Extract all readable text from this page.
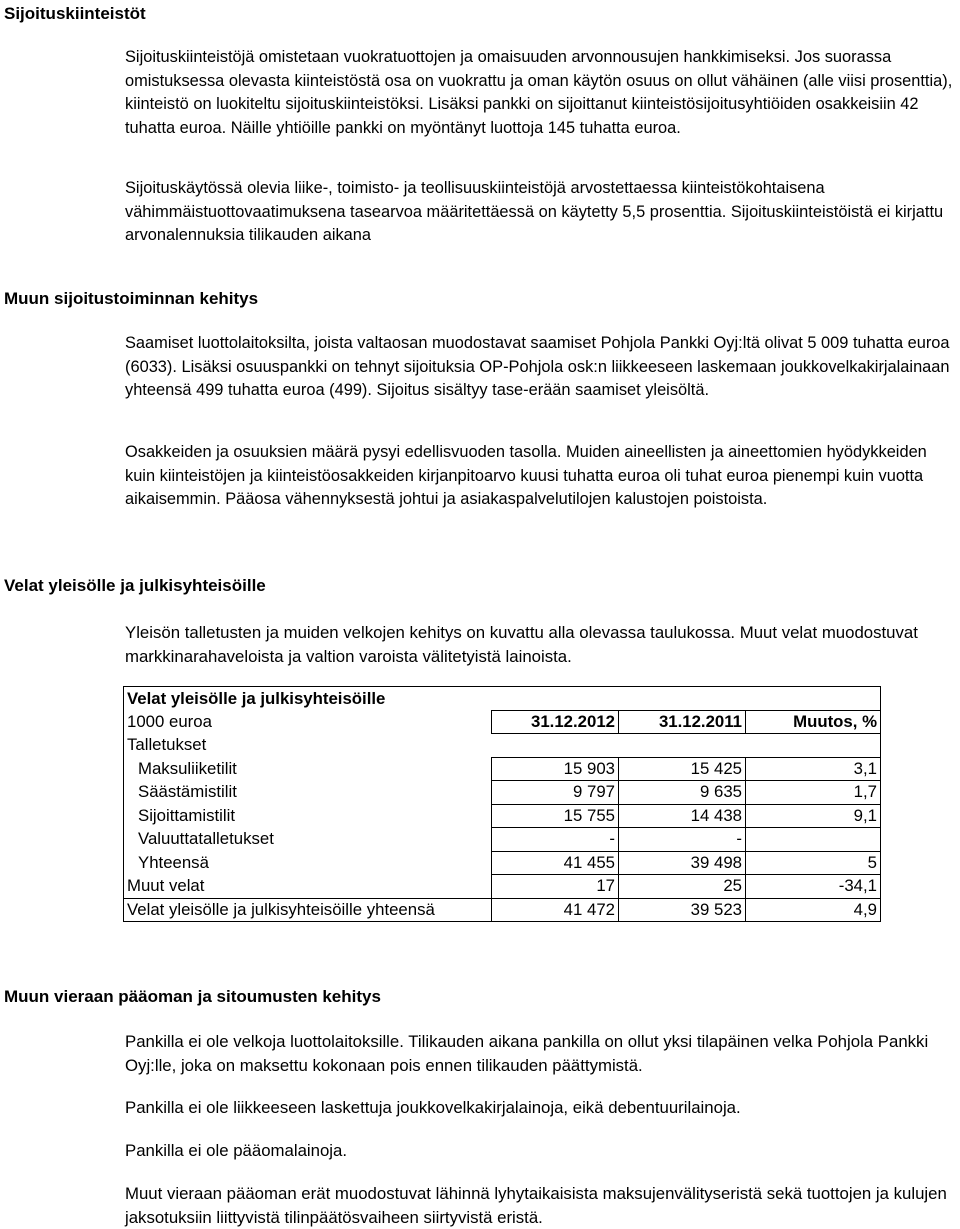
Sijoituskiinteistöt

Sijoituskiinteistöjä omistetaan vuokratuottojen ja omaisuuden arvonnousujen hankkimiseksi. Jos suorassa omistuksessa olevasta kiinteistöstä osa on vuokrattu ja oman käytön osuus on ollut vähäinen (alle viisi prosenttia), kiinteistö on luokiteltu sijoituskiinteistöksi. Lisäksi pankki on sijoittanut kiinteistösijoitusyhtiöiden osakkeisiin 42 tuhatta euroa. Näille yhtiöille pankki on myöntänyt luottoja 145 tuhatta euroa.

Sijoituskäytössä olevia liike-, toimisto- ja teollisuuskiinteistöjä arvostettaessa kiinteistökohtaisena vähimmäistuottovaatimuksena tasearvoa määritettäessä on käytetty 5,5 prosenttia. Sijoituskiinteistöistä ei kirjattu arvonalennuksia tilikauden aikana

Muun sijoitustoiminnan kehitys

Saamiset luottolaitoksilta, joista valtaosan muodostavat saamiset Pohjola Pankki Oyj:ltä olivat 5 009 tuhatta euroa (6033). Lisäksi osuuspankki on tehnyt sijoituksia OP-Pohjola osk:n liikkeeseen laskemaan joukkovelkakirjalainaan yhteensä 499 tuhatta euroa (499). Sijoitus sisältyy tase-erään saamiset yleisöltä.

Osakkeiden ja osuuksien määrä pysyi edellisvuoden tasolla. Muiden aineellisten ja aineettomien hyödykkeiden kuin kiinteistöjen ja kiinteistöosakkeiden kirjanpitoarvo kuusi tuhatta euroa oli tuhat euroa pienempi kuin vuotta aikaisemmin. Pääosa vähennyksestä johtui ja asiakaspalvelutilojen kalustojen poistoista.

Velat yleisölle ja julkisyhteisöille

Yleisön talletusten ja muiden velkojen kehitys on kuvattu alla olevassa taulukossa. Muut velat muodostuvat markkinarahaveloista ja valtion varoista välitetyistä lainoista.

Velat yleisölle ja julkisyhteisöille			
1000 euroa	31.12.2012	31.12.2011	Muutos, %
Talletukset			
Maksuliiketilit	15 903	15 425	3,1
Säästämistilit	9 797	9 635	1,7
Sijoittamistilit	15 755	14 438	9,1
Valuuttatalletukset	-	-	
Yhteensä	41 455	39 498	5
Muut velat	17	25	-34,1
Velat yleisölle ja julkisyhteisöille yhteensä	41 472	39 523	4,9
Muun vieraan pääoman ja sitoumusten kehitys

Pankilla ei ole velkoja luottolaitoksille. Tilikauden aikana pankilla on ollut yksi tilapäinen velka Pohjola Pankki Oyj:lle, joka on maksettu kokonaan pois ennen tilikauden päättymistä.

Pankilla ei ole liikkeeseen laskettuja joukkovelkakirjalainoja, eikä debentuurilainoja.

Pankilla ei ole pääomalainoja.

Muut vieraan pääoman erät muodostuvat lähinnä lyhytaikaisista maksujenvälityseristä sekä tuottojen ja kulujen jaksotuksiin liittyvistä tilinpäätösvaiheen siirtyvistä eristä.
